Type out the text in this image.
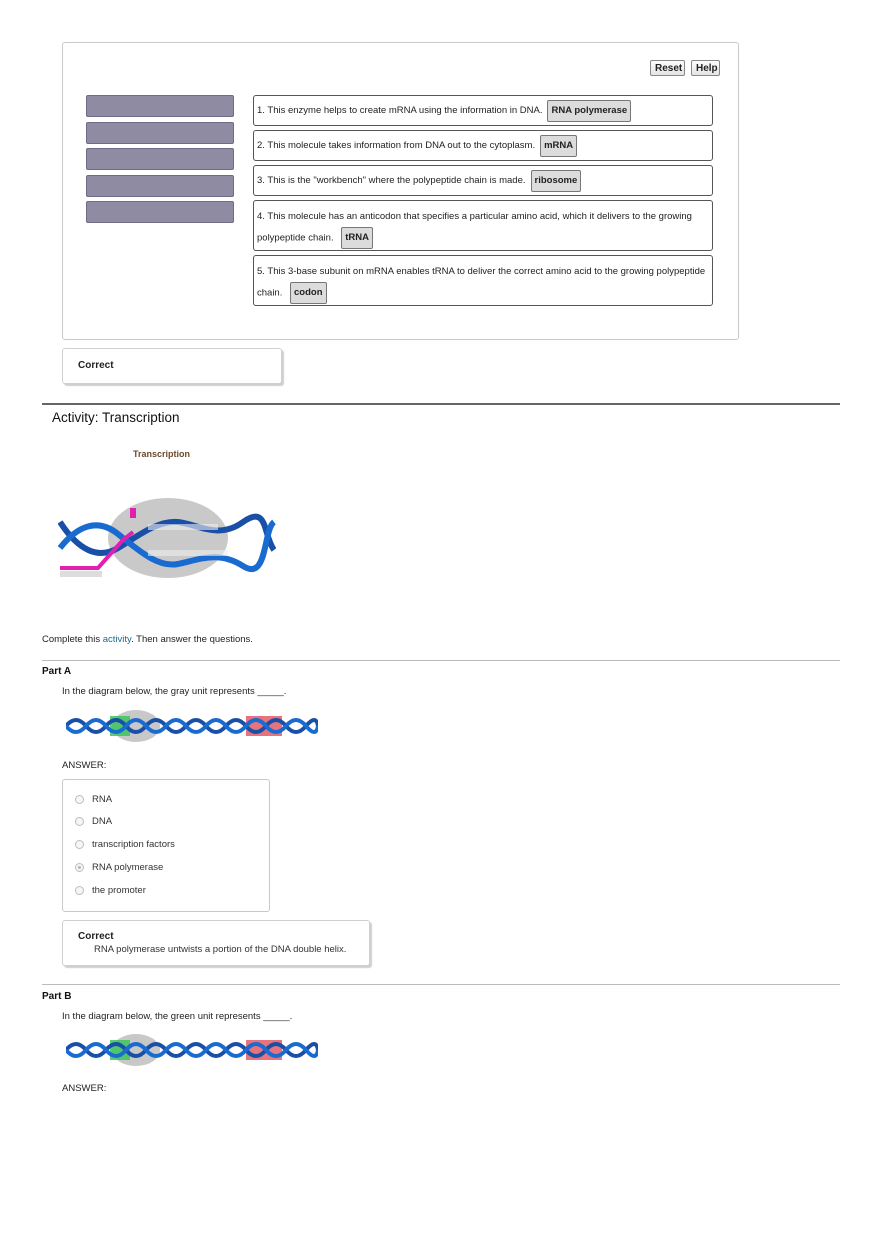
Reset	Help
1. This enzyme helps to create mRNA using the information in DNA. RNA polymerase
2. This molecule takes information from DNA out to the cytoplasm. mRNA
3. This is the "workbench" where the polypeptide chain is made. ribosome
4. This molecule has an anticodon that specifies a particular amino acid, which it delivers to the growing polypeptide chain. tRNA
5. This 3-base subunit on mRNA enables tRNA to deliver the correct amino acid to the growing polypeptide chain. codon
Correct
Activity: Transcription
Transcription
Complete this activity. Then answer the questions.
Part A
In the diagram below, the gray unit represents _____.
ANSWER:
RNA
DNA
transcription factors
RNA polymerase
the promoter
Correct
RNA polymerase untwists a portion of the DNA double helix.
Part B
In the diagram below, the green unit represents _____.
ANSWER:
